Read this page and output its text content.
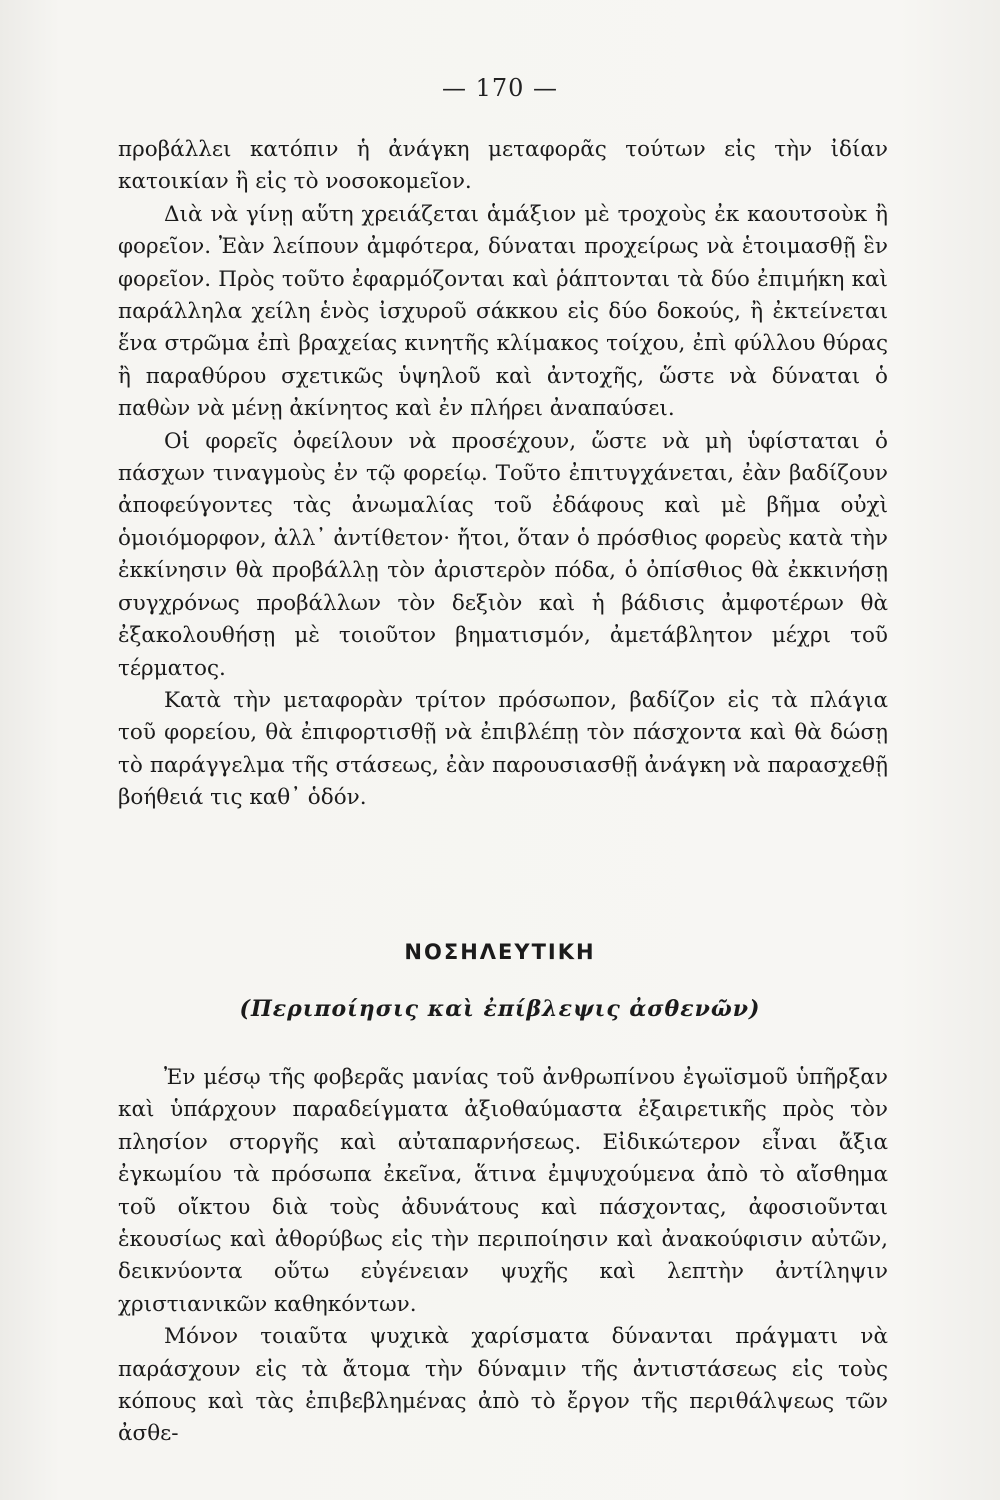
— 170 —

προβάλλει κατόπιν ἡ ἀνάγκη μεταφορᾶς τούτων εἰς τὴν ἰδίαν κατοικίαν ἢ εἰς τὸ νοσοκομεῖον.

Διὰ νὰ γίνῃ αὕτη χρειάζεται ἁμάξιον μὲ τροχοὺς ἐκ καουτσοὺκ ἢ φορεῖον. Ἐὰν λείπουν ἀμφότερα, δύναται προχείρως νὰ ἑτοιμασθῇ ἓν φορεῖον. Πρὸς τοῦτο ἐφαρμόζονται καὶ ῥάπτονται τὰ δύο ἐπιμήκη καὶ παράλληλα χείλη ἑνὸς ἰσχυροῦ σάκκου εἰς δύο δοκούς, ἢ ἐκτείνεται ἕνα στρῶμα ἐπὶ βραχείας κινητῆς κλίμακος τοίχου, ἐπὶ φύλλου θύρας ἢ παραθύρου σχετικῶς ὑψηλοῦ καὶ ἀντοχῆς, ὥστε νὰ δύναται ὁ παθὼν νὰ μένῃ ἀκίνητος καὶ ἐν πλήρει ἀναπαύσει.

Οἱ φορεῖς ὀφείλουν νὰ προσέχουν, ὥστε νὰ μὴ ὑφίσταται ὁ πάσχων τιναγμοὺς ἐν τῷ φορείῳ. Τοῦτο ἐπιτυγχάνεται, ἐὰν βαδίζουν ἀποφεύγοντες τὰς ἀνωμαλίας τοῦ ἐδάφους καὶ μὲ βῆμα οὐχὶ ὁμοιόμορφον, ἀλλ᾽ ἀντίθετον· ἤτοι, ὅταν ὁ πρόσθιος φορεὺς κατὰ τὴν ἐκκίνησιν θὰ προβάλλῃ τὸν ἀριστερὸν πόδα, ὁ ὀπίσθιος θὰ ἐκκινήσῃ συγχρόνως προβάλλων τὸν δεξιὸν καὶ ἡ βάδισις ἀμφοτέρων θὰ ἐξακολουθήσῃ μὲ τοιοῦτον βηματισμόν, ἀμετάβλητον μέχρι τοῦ τέρματος.

Κατὰ τὴν μεταφορὰν τρίτον πρόσωπον, βαδίζον εἰς τὰ πλάγια τοῦ φορείου, θὰ ἐπιφορτισθῇ νὰ ἐπιβλέπῃ τὸν πάσχοντα καὶ θὰ δώσῃ τὸ παράγγελμα τῆς στάσεως, ἐὰν παρουσιασθῇ ἀνάγκη νὰ παρασχεθῇ βοήθειά τις καθ᾽ ὁδόν.

ΝΟΣΗΛΕΥΤΙΚΗ
(Περιποίησις καὶ ἐπίβλεψις ἀσθενῶν)

Ἐν μέσῳ τῆς φοβερᾶς μανίας τοῦ ἀνθρωπίνου ἐγωϊσμοῦ ὑπῆρξαν καὶ ὑπάρχουν παραδείγματα ἀξιοθαύμαστα ἐξαιρετικῆς πρὸς τὸν πλησίον στοργῆς καὶ αὐταπαρνήσεως. Εἰδικώτερον εἶναι ἄξια ἐγκωμίου τὰ πρόσωπα ἐκεῖνα, ἅτινα ἐμψυχούμενα ἀπὸ τὸ αἴσθημα τοῦ οἴκτου διὰ τοὺς ἀδυνάτους καὶ πάσχοντας, ἀφοσιοῦνται ἑκουσίως καὶ ἀθορύβως εἰς τὴν περιποίησιν καὶ ἀνακούφισιν αὐτῶν, δεικνύοντα οὕτω εὐγένειαν ψυχῆς καὶ λεπτὴν ἀντίληψιν χριστιανικῶν καθηκόντων.

Μόνον τοιαῦτα ψυχικὰ χαρίσματα δύνανται πράγματι νὰ παράσχουν εἰς τὰ ἄτομα τὴν δύναμιν τῆς ἀντιστάσεως εἰς τοὺς κόπους καὶ τὰς ἐπιβεβλημένας ἀπὸ τὸ ἔργον τῆς περιθάλψεως τῶν ἀσθε-
